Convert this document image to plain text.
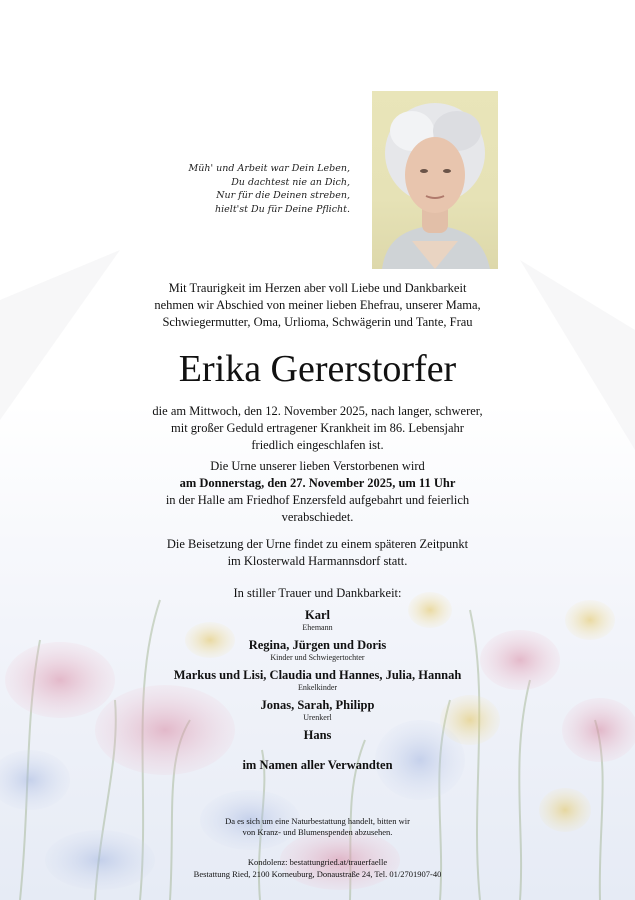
Müh' und Arbeit war Dein Leben,
Du dachtest nie an Dich,
Nur für die Deinen streben,
hielt'st Du für Deine Pflicht.
Mit Traurigkeit im Herzen aber voll Liebe und Dankbarkeit
nehmen wir Abschied von meiner lieben Ehefrau, unserer Mama,
Schwiegermutter, Oma, Urlioma, Schwägerin und Tante, Frau
Erika Gererstorfer
die am Mittwoch, den 12. November 2025, nach langer, schwerer,
mit großer Geduld ertragener Krankheit im 86. Lebensjahr
friedlich eingeschlafen ist.
Die Urne unserer lieben Verstorbenen wird
am Donnerstag, den 27. November 2025, um 11 Uhr
in der Halle am Friedhof Enzersfeld aufgebahrt und feierlich
verabschiedet.
Die Beisetzung der Urne findet zu einem späteren Zeitpunkt
im Klosterwald Harmannsdorf statt.
In stiller Trauer und Dankbarkeit:
Karl
Ehemann
Regina, Jürgen und Doris
Kinder und Schwiegertochter
Markus und Lisi, Claudia und Hannes, Julia, Hannah
Enkelkinder
Jonas, Sarah, Philipp
Urenkerl
Hans
im Namen aller Verwandten
Da es sich um eine Naturbestattung handelt, bitten wir
von Kranz- und Blumenspenden abzusehen.
Kondolenz: bestattungried.at/trauerfaelle
Bestattung Ried, 2100 Korneuburg, Donaustraße 24, Tel. 01/2701907-40
